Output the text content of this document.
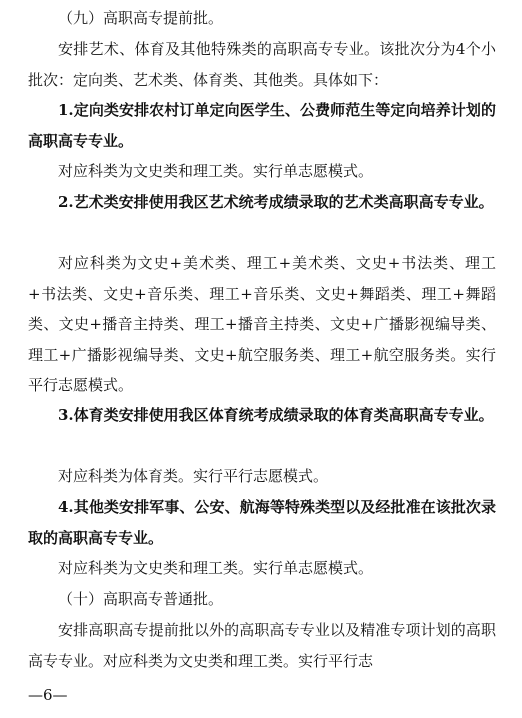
（九）高职高专提前批。

安排艺术、体育及其他特殊类的高职高专专业。该批次分为4个小批次：定向类、艺术类、体育类、其他类。具体如下：

1.定向类安排农村订单定向医学生、公费师范生等定向培养计划的高职高专专业。

对应科类为文史类和理工类。实行单志愿模式。

2.艺术类安排使用我区艺术统考成绩录取的艺术类高职高专专业。

对应科类为文史+美术类、理工+美术类、文史+书法类、理工+书法类、文史+音乐类、理工+音乐类、文史+舞蹈类、理工+舞蹈类、文史+播音主持类、理工+播音主持类、文史+广播影视编导类、理工+广播影视编导类、文史+航空服务类、理工+航空服务类。实行平行志愿模式。

3.体育类安排使用我区体育统考成绩录取的体育类高职高专专业。

对应科类为体育类。实行平行志愿模式。

4.其他类安排军事、公安、航海等特殊类型以及经批准在该批次录取的高职高专专业。

对应科类为文史类和理工类。实行单志愿模式。

（十）高职高专普通批。

安排高职高专提前批以外的高职高专专业以及精准专项计划的高职高专专业。对应科类为文史类和理工类。实行平行志

—6—
